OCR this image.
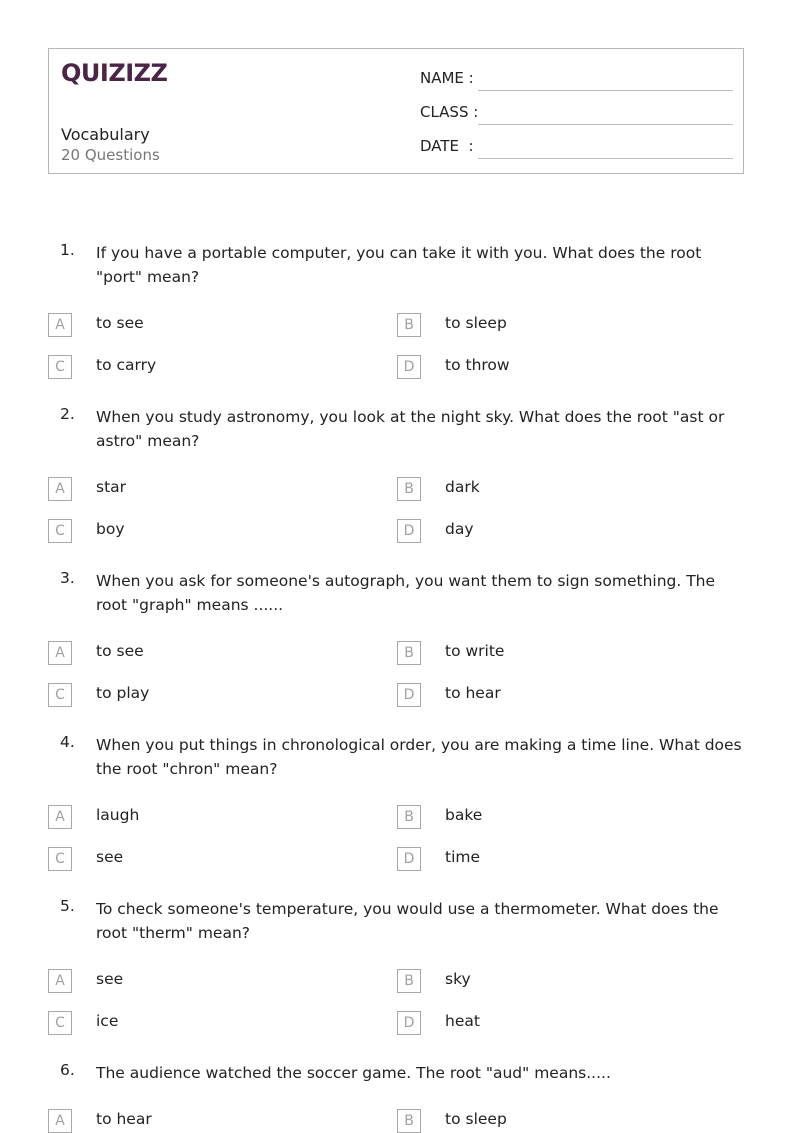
QUIZIZZ
Vocabulary
20 Questions
NAME :
CLASS :
DATE  :
1. If you have a portable computer, you can take it with you. What does the root "port" mean?
A	to see	B	to sleep
C	to carry	D	to throw
2. When you study astronomy, you look at the night sky. What does the root "ast or astro" mean?
A	star	B	dark
C	boy	D	day
3. When you ask for someone's autograph, you want them to sign something. The root "graph" means ......
A	to see	B	to write
C	to play	D	to hear
4. When you put things in chronological order, you are making a time line. What does the root "chron" mean?
A	laugh	B	bake
C	see	D	time
5. To check someone's temperature, you would use a thermometer. What does the root "therm" mean?
A	see	B	sky
C	ice	D	heat
6. The audience watched the soccer game. The root "aud" means.....
A	to hear	B	to sleep
